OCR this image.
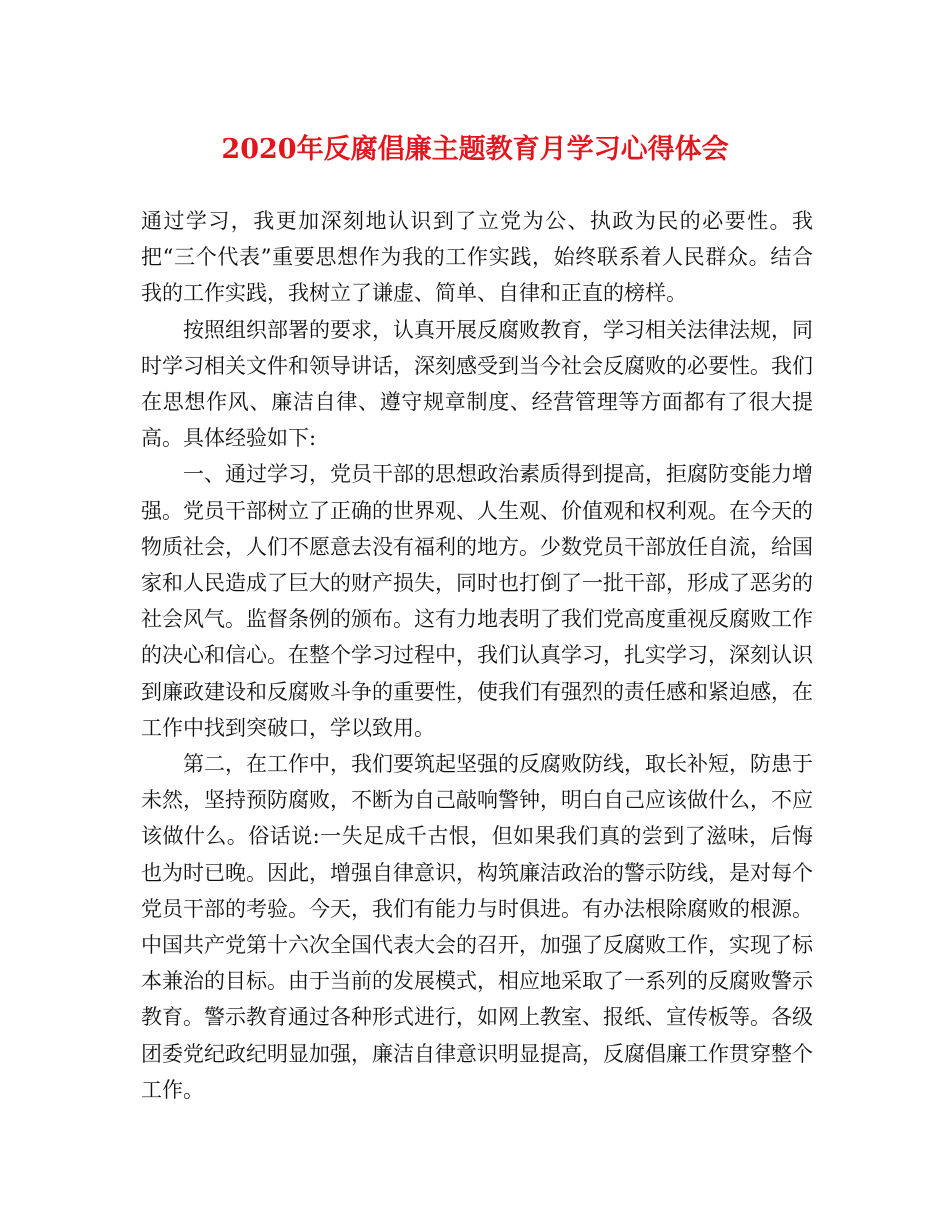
2020年反腐倡廉主题教育月学习心得体会

通过学习，我更加深刻地认识到了立党为公、执政为民的必要性。我把“三个代表”重要思想作为我的工作实践，始终联系着人民群众。结合我的工作实践，我树立了谦虚、简单、自律和正直的榜样。

按照组织部署的要求，认真开展反腐败教育，学习相关法律法规，同时学习相关文件和领导讲话，深刻感受到当今社会反腐败的必要性。我们在思想作风、廉洁自律、遵守规章制度、经营管理等方面都有了很大提高。具体经验如下:

一、通过学习，党员干部的思想政治素质得到提高，拒腐防变能力增强。党员干部树立了正确的世界观、人生观、价值观和权利观。在今天的物质社会，人们不愿意去没有福利的地方。少数党员干部放任自流，给国家和人民造成了巨大的财产损失，同时也打倒了一批干部，形成了恶劣的社会风气。监督条例的颁布。这有力地表明了我们党高度重视反腐败工作的决心和信心。在整个学习过程中，我们认真学习，扎实学习，深刻认识到廉政建设和反腐败斗争的重要性，使我们有强烈的责任感和紧迫感，在工作中找到突破口，学以致用。

第二，在工作中，我们要筑起坚强的反腐败防线，取长补短，防患于未然，坚持预防腐败，不断为自己敲响警钟，明白自己应该做什么，不应该做什么。俗话说:一失足成千古恨，但如果我们真的尝到了滋味，后悔也为时已晚。因此，增强自律意识，构筑廉洁政治的警示防线，是对每个党员干部的考验。今天，我们有能力与时俱进。有办法根除腐败的根源。中国共产党第十六次全国代表大会的召开，加强了反腐败工作，实现了标本兼治的目标。由于当前的发展模式，相应地采取了一系列的反腐败警示教育。警示教育通过各种形式进行，如网上教室、报纸、宣传板等。各级团委党纪政纪明显加强，廉洁自律意识明显提高，反腐倡廉工作贯穿整个工作。
